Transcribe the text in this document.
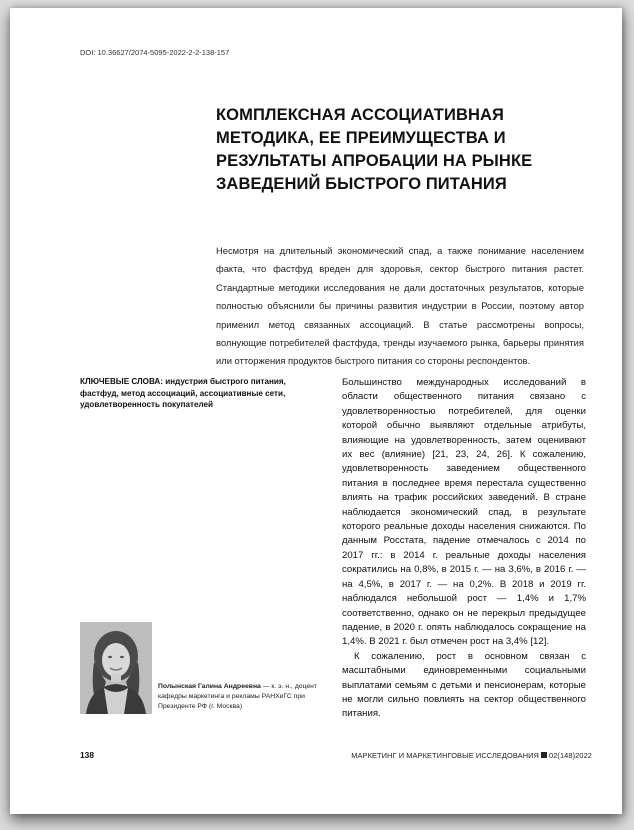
DOI: 10.36627/2074-5095-2022-2-2-138-157
КОМПЛЕКСНАЯ АССОЦИАТИВНАЯ МЕТОДИКА, ЕЕ ПРЕИМУЩЕСТВА И РЕЗУЛЬТАТЫ АПРОБАЦИИ НА РЫНКЕ ЗАВЕДЕНИЙ БЫСТРОГО ПИТАНИЯ

Несмотря на длительный экономический спад, а также понимание населением факта, что фастфуд вреден для здоровья, сектор быстрого питания растет. Стандартные методики исследования не дали достаточных результатов, которые полностью объяснили бы причины развития индустрии в России, поэтому автор применил метод связанных ассоциаций. В статье рассмотрены вопросы, волнующие потребителей фастфуда, тренды изучаемого рынка, барьеры принятия или отторжения продуктов быстрого питания со стороны респондентов.

КЛЮЧЕВЫЕ СЛОВА: индустрия быстрого питания, фастфуд, метод ассоциаций, ассоциативные сети, удовлетворенность покупателей

Большинство международных исследований в области общественного питания связано с удовлетворенностью потребителей, для оценки которой обычно выявляют отдельные атрибуты, влияющие на удовлетворенность, затем оценивают их вес (влияние) [21, 23, 24, 26]. К сожалению, удовлетворенность заведением общественного питания в последнее время перестала существенно влиять на трафик российских заведений. В стране наблюдается экономический спад, в результате которого реальные доходы населения снижаются. По данным Росстата, падение отмечалось с 2014 по 2017 гг.: в 2014 г. реальные доходы населения сократились на 0,8%, в 2015 г. — на 3,6%, в 2016 г. — на 4,5%, в 2017 г. — на 0,2%. В 2018 и 2019 гг. наблюдался небольшой рост — 1,4% и 1,7% соответственно, однако он не перекрыл предыдущее падение, в 2020 г. опять наблюдалось сокращение на 1,4%. В 2021 г. был отмечен рост на 3,4% [12].

К сожалению, рост в основном связан с масштабными единовременными социальными выплатами семьям с детьми и пенсионерам, которые не могли сильно повлиять на сектор общественного питания.

Полынская Галина Андреевна — к. э. н., доцент кафедры маркетинга и рекламы РАНХиГС при Президенте РФ (г. Москва)

138	МАРКЕТИНГ И МАРКЕТИНГОВЫЕ ИССЛЕДОВАНИЯ 02(148)2022
